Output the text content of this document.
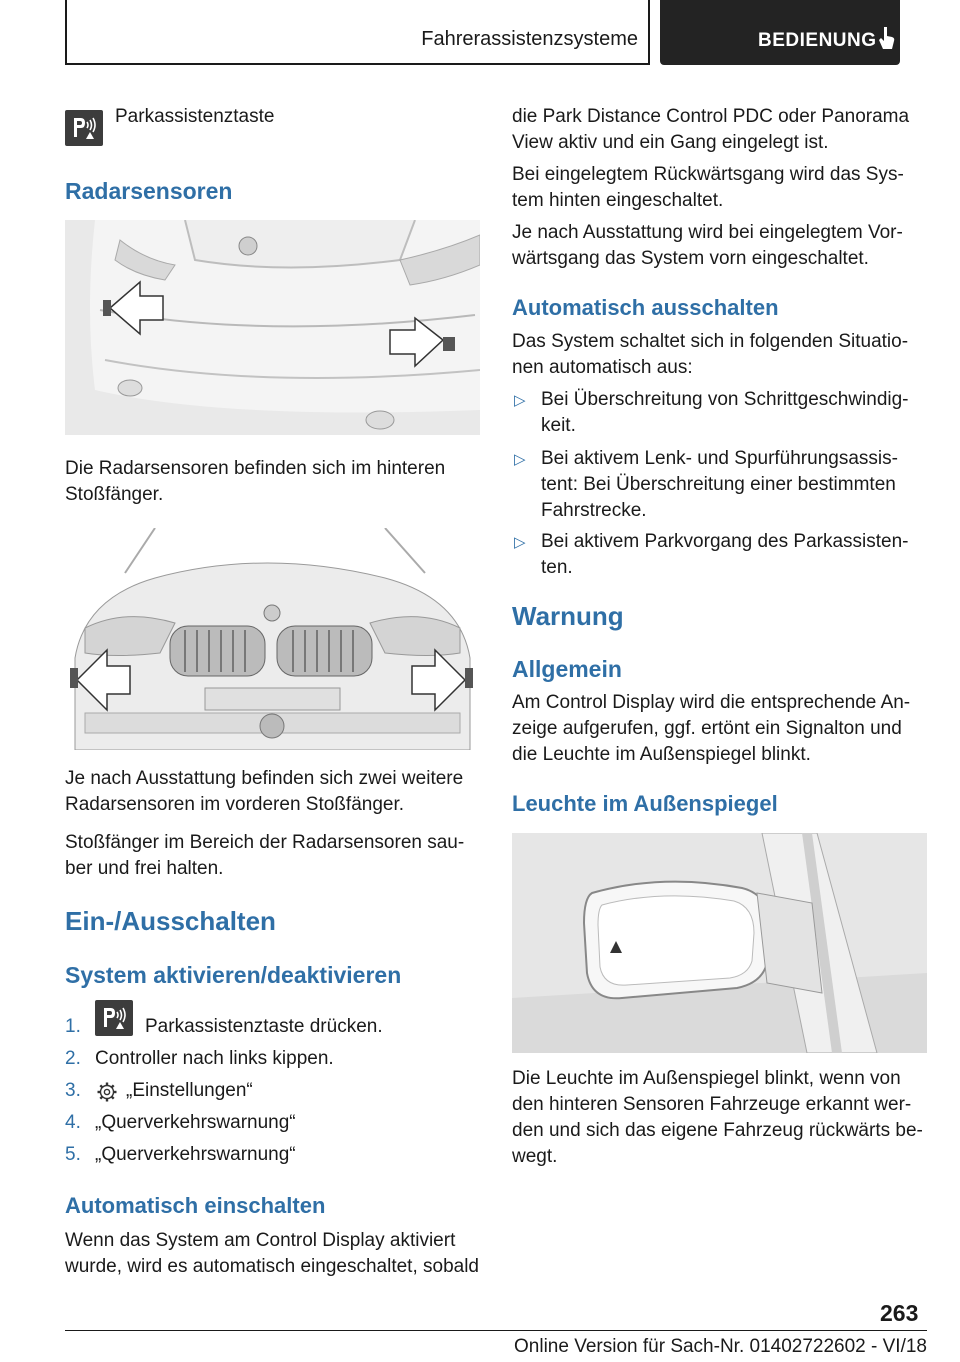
Fahrerassistenzsysteme	BEDIENUNG
Parkassistenztaste
Radarsensoren
Die Radarsensoren befinden sich im hinteren
Stoßfänger.
Je nach Ausstattung befinden sich zwei weitere
Radarsensoren im vorderen Stoßfänger.
Stoßfänger im Bereich der Radarsensoren sau‐
ber und frei halten.
Ein-/Ausschalten
System aktivieren/deaktivieren
1.	Parkassistenztaste drücken.
2. Controller nach links kippen.
3. „Einstellungen“
4. „Querverkehrswarnung“
5. „Querverkehrswarnung“
Automatisch einschalten
Wenn das System am Control Display aktiviert
wurde, wird es automatisch eingeschaltet, sobald
die Park Distance Control PDC oder Panorama
View aktiv und ein Gang eingelegt ist.
Bei eingelegtem Rückwärtsgang wird das Sys‐
tem hinten eingeschaltet.
Je nach Ausstattung wird bei eingelegtem Vor‐
wärtsgang das System vorn eingeschaltet.
Automatisch ausschalten
Das System schaltet sich in folgenden Situatio‐
nen automatisch aus:
▷ Bei Überschreitung von Schrittgeschwindig‐
keit.
▷ Bei aktivem Lenk- und Spurführungsassis‐
tent: Bei Überschreitung einer bestimmten
Fahrstrecke.
▷ Bei aktivem Parkvorgang des Parkassisten‐
ten.
Warnung
Allgemein
Am Control Display wird die entsprechende An‐
zeige aufgerufen, ggf. ertönt ein Signalton und
die Leuchte im Außenspiegel blinkt.
Leuchte im Außenspiegel
Die Leuchte im Außenspiegel blinkt, wenn von
den hinteren Sensoren Fahrzeuge erkannt wer‐
den und sich das eigene Fahrzeug rückwärts be‐
wegt.
263
Online Version für Sach-Nr. 01402722602 - VI/18
